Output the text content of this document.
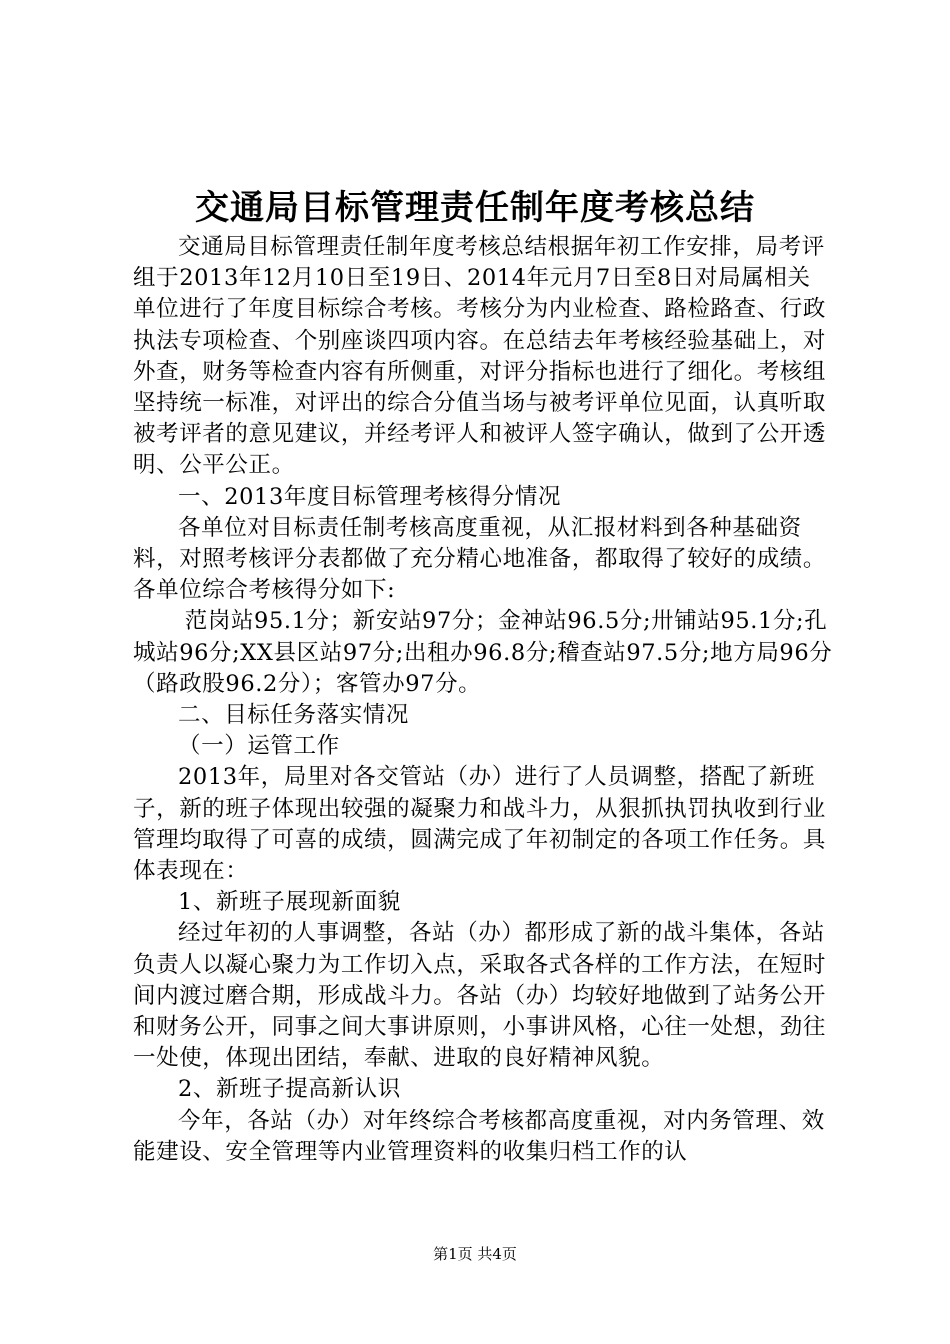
交通局目标管理责任制年度考核总结

交通局目标管理责任制年度考核总结根据年初工作安排，局考评组于2013年12月10日至19日、2014年元月7日至8日对局属相关单位进行了年度目标综合考核。考核分为内业检查、路检路查、行政执法专项检查、个别座谈四项内容。在总结去年考核经验基础上，对外查，财务等检查内容有所侧重，对评分指标也进行了细化。考核组坚持统一标准，对评出的综合分值当场与被考评单位见面，认真听取被考评者的意见建议，并经考评人和被评人签字确认，做到了公开透明、公平公正。

一、2013年度目标管理考核得分情况

各单位对目标责任制考核高度重视，从汇报材料到各种基础资料，对照考核评分表都做了充分精心地准备，都取得了较好的成绩。各单位综合考核得分如下:

范岗站95.1分；新安站97分；金神站96.5分;卅铺站95.1分;孔城站96分;XX县区站97分;出租办96.8分;稽查站97.5分;地方局96分（路政股96.2分）；客管办97分。

二、目标任务落实情况

（一）运管工作

2013年，局里对各交管站（办）进行了人员调整，搭配了新班子，新的班子体现出较强的凝聚力和战斗力，从狠抓执罚执收到行业管理均取得了可喜的成绩，圆满完成了年初制定的各项工作任务。具体表现在：

1、新班子展现新面貌

经过年初的人事调整，各站（办）都形成了新的战斗集体，各站负责人以凝心聚力为工作切入点，采取各式各样的工作方法，在短时间内渡过磨合期，形成战斗力。各站（办）均较好地做到了站务公开和财务公开，同事之间大事讲原则，小事讲风格，心往一处想，劲往一处使，体现出团结，奉献、进取的良好精神风貌。

2、新班子提高新认识

今年，各站（办）对年终综合考核都高度重视，对内务管理、效能建设、安全管理等内业管理资料的收集归档工作的认

第1页 共4页
